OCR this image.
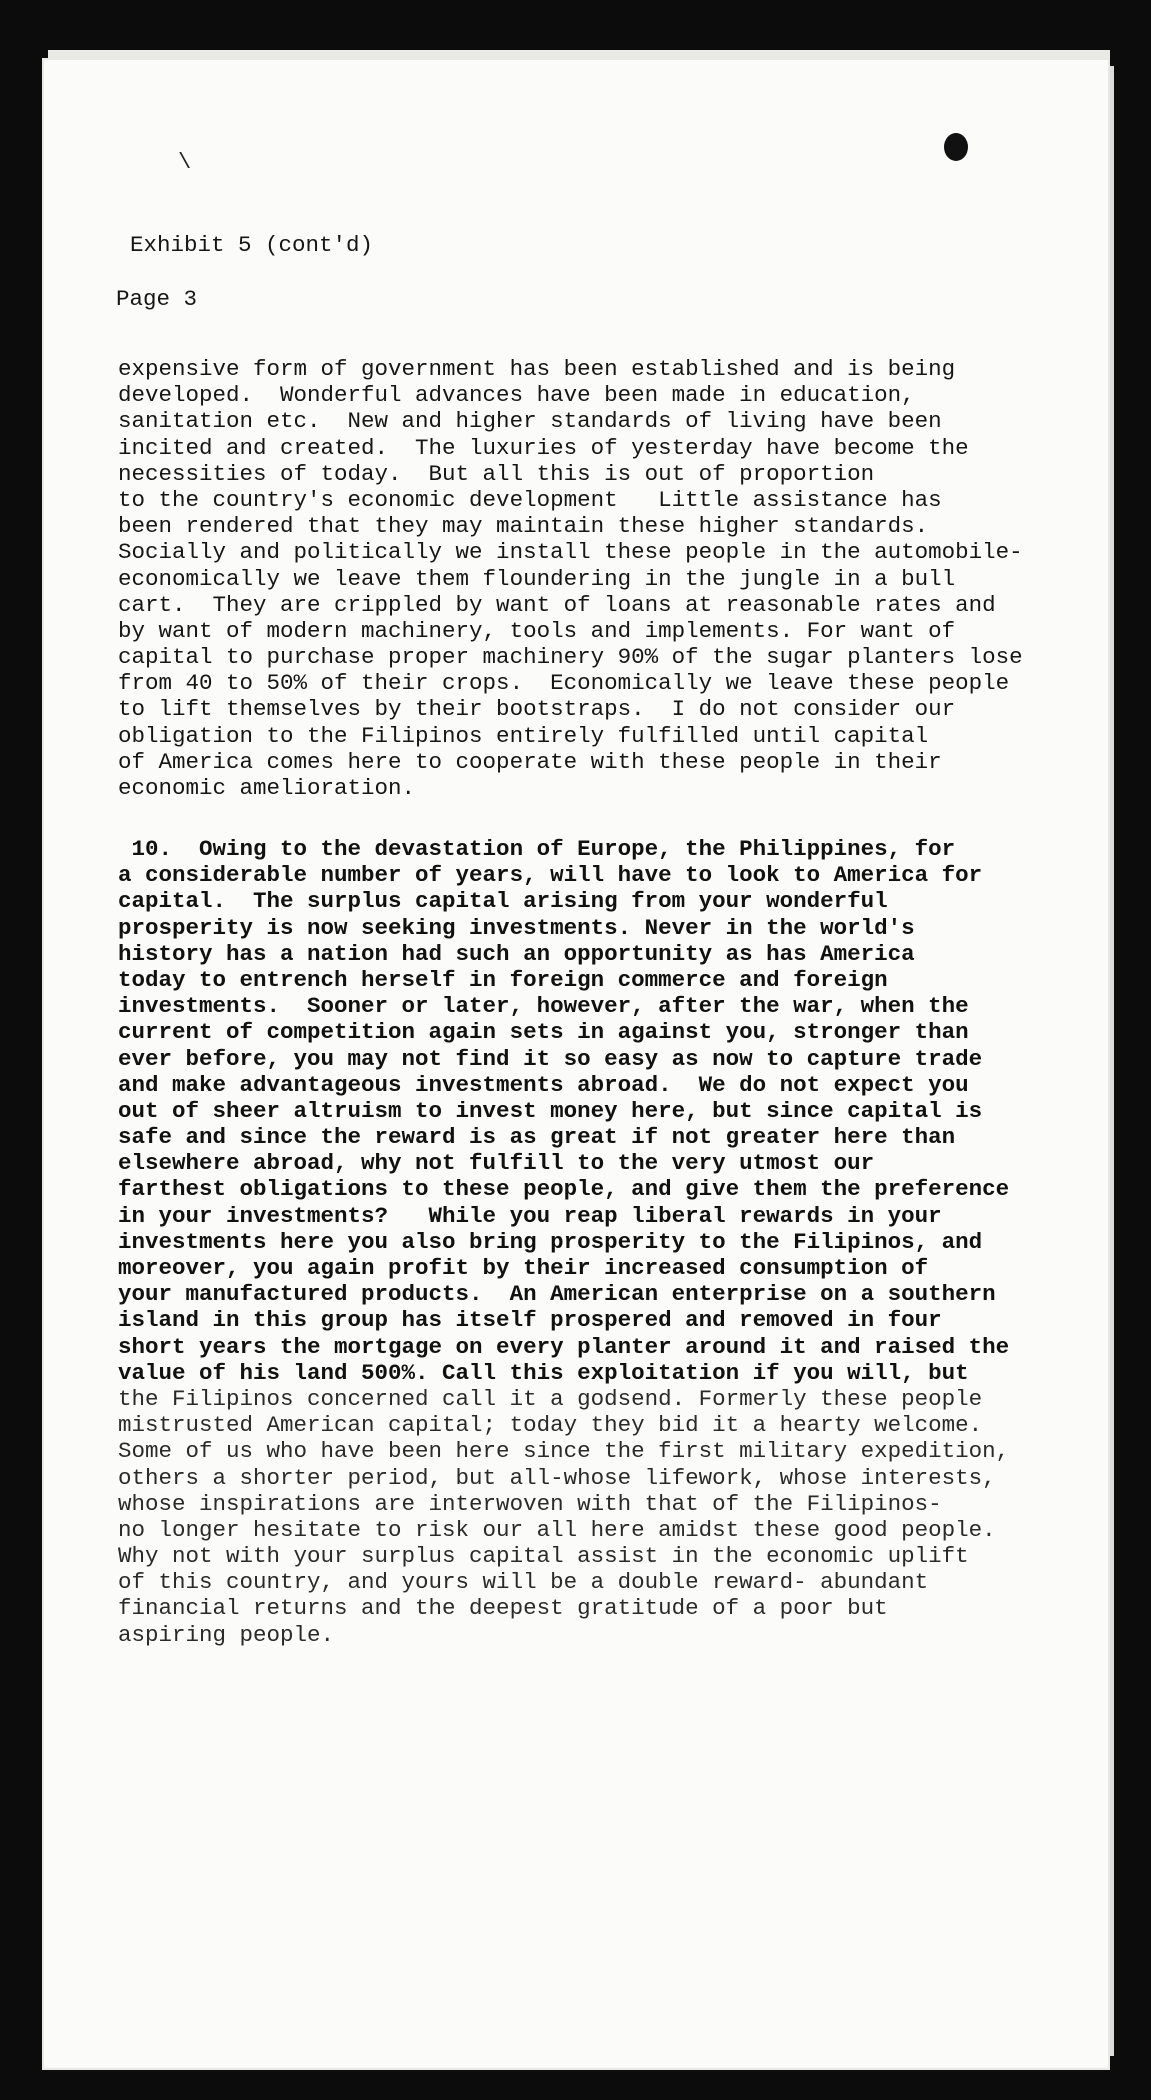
\
Exhibit 5 (cont'd)
Page 3
expensive form of government has been established and is being
developed.  Wonderful advances have been made in education,
sanitation etc.  New and higher standards of living have been
incited and created.  The luxuries of yesterday have become the
necessities of today.  But all this is out of proportion
to the country's economic development   Little assistance has
been rendered that they may maintain these higher standards.
Socially and politically we install these people in the automobile-
economically we leave them floundering in the jungle in a bull
cart.  They are crippled by want of loans at reasonable rates and
by want of modern machinery, tools and implements. For want of
capital to purchase proper machinery 90% of the sugar planters lose
from 40 to 50% of their crops.  Economically we leave these people
to lift themselves by their bootstraps.  I do not consider our
obligation to the Filipinos entirely fulfilled until capital
of America comes here to cooperate with these people in their
economic amelioration.
10.  Owing to the devastation of Europe, the Philippines, for
a considerable number of years, will have to look to America for
capital.  The surplus capital arising from your wonderful
prosperity is now seeking investments. Never in the world's
history has a nation had such an opportunity as has America
today to entrench herself in foreign commerce and foreign
investments.  Sooner or later, however, after the war, when the
current of competition again sets in against you, stronger than
ever before, you may not find it so easy as now to capture trade
and make advantageous investments abroad.  We do not expect you
out of sheer altruism to invest money here, but since capital is
safe and since the reward is as great if not greater here than
elsewhere abroad, why not fulfill to the very utmost our
farthest obligations to these people, and give them the preference
in your investments?   While you reap liberal rewards in your
investments here you also bring prosperity to the Filipinos, and
moreover, you again profit by their increased consumption of
your manufactured products.  An American enterprise on a southern
island in this group has itself prospered and removed in four
short years the mortgage on every planter around it and raised the
value of his land 500%. Call this exploitation if you will, but
the Filipinos concerned call it a godsend. Formerly these people
mistrusted American capital; today they bid it a hearty welcome.
Some of us who have been here since the first military expedition,
others a shorter period, but all-whose lifework, whose interests,
whose inspirations are interwoven with that of the Filipinos-
no longer hesitate to risk our all here amidst these good people.
Why not with your surplus capital assist in the economic uplift
of this country, and yours will be a double reward- abundant
financial returns and the deepest gratitude of a poor but
aspiring people.
